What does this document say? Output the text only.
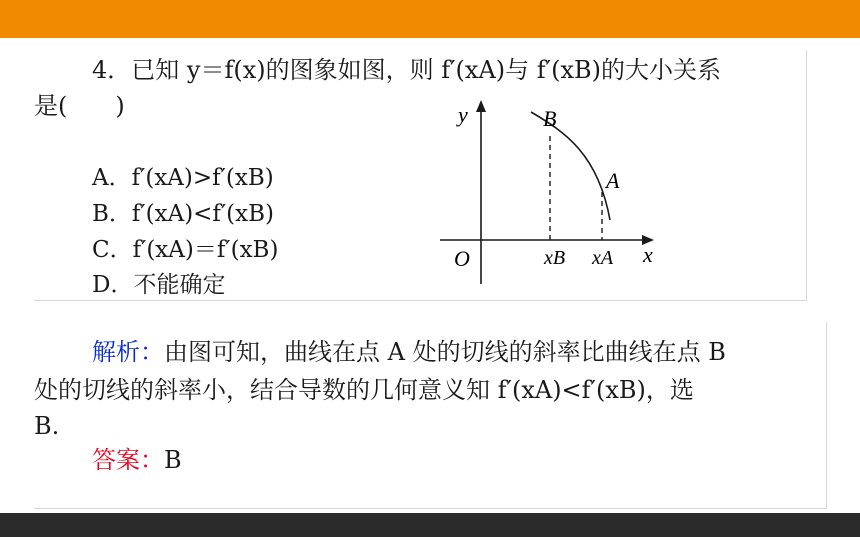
4．已知 y＝f(x)的图象如图，则 f′(xA)与 f′(xB)的大小关系
是(　　)
A．f′(xA)>f′(xB)
B．f′(xA)<f′(xB)
C．f′(xA)＝f′(xB)
D．不能确定
y
x
O
B
A
xB xA
解析：由图可知，曲线在点 A 处的切线的斜率比曲线在点 B
处的切线的斜率小，结合导数的几何意义知 f′(xA)<f′(xB)，选
B.
答案：B
